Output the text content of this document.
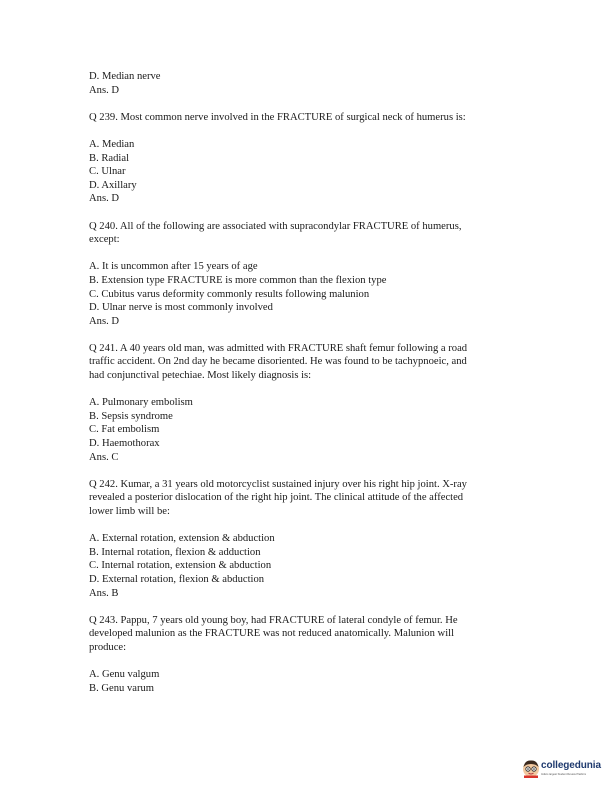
D. Median nerve
Ans. D
Q 239. Most common nerve involved in the FRACTURE of surgical neck of humerus is:
A. Median
B. Radial
C. Ulnar
D. Axillary
Ans. D
Q 240. All of the following are associated with supracondylar FRACTURE of humerus,
except:
A. It is uncommon after 15 years of age
B. Extension type FRACTURE is more common than the flexion type
C. Cubitus varus deformity commonly results following malunion
D. Ulnar nerve is most commonly involved
Ans. D
Q 241. A 40 years old man, was admitted with FRACTURE shaft femur following a road
traffic accident. On 2nd day he became disoriented. He was found to be tachypnoeic, and
had conjunctival petechiae. Most likely diagnosis is:
A. Pulmonary embolism
B. Sepsis syndrome
C. Fat embolism
D. Haemothorax
Ans. C
Q 242. Kumar, a 31 years old motorcyclist sustained injury over his right hip joint. X-ray
revealed a posterior dislocation of the right hip joint. The clinical attitude of the affected
lower limb will be:
A. External rotation, extension & abduction
B. Internal rotation, flexion & adduction
C. Internal rotation, extension & abduction
D. External rotation, flexion & abduction
Ans. B
Q 243. Pappu, 7 years old young boy, had FRACTURE of lateral condyle of femur. He
developed malunion as the FRACTURE was not reduced anatomically. Malunion will
produce:
A. Genu valgum
B. Genu varum
collegedunia
India's largest Student Review Platform
